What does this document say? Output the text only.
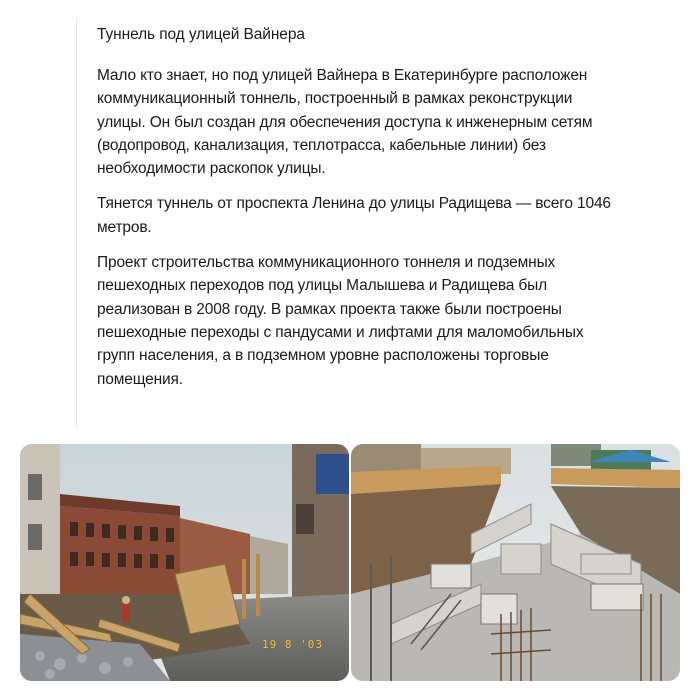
Туннель под улицей Вайнера

Мало кто знает, но под улицей Вайнера в Екатеринбурге расположен коммуникационный тоннель, построенный в рамках реконструкции улицы. Он был создан для обеспечения доступа к инженерным сетям (водопровод, канализация, теплотрасса, кабельные линии) без необходимости раскопок улицы.

Тянется туннель от проспекта Ленина до улицы Радищева — всего 1046 метров.

Проект строительства коммуникационного тоннеля и подземных пешеходных переходов под улицы Малышева и Радищева был реализован в 2008 году. В рамках проекта также были построены пешеходные переходы с пандусами и лифтами для маломобильных групп населения, а в подземном уровне расположены торговые помещения.

19 8 '03
